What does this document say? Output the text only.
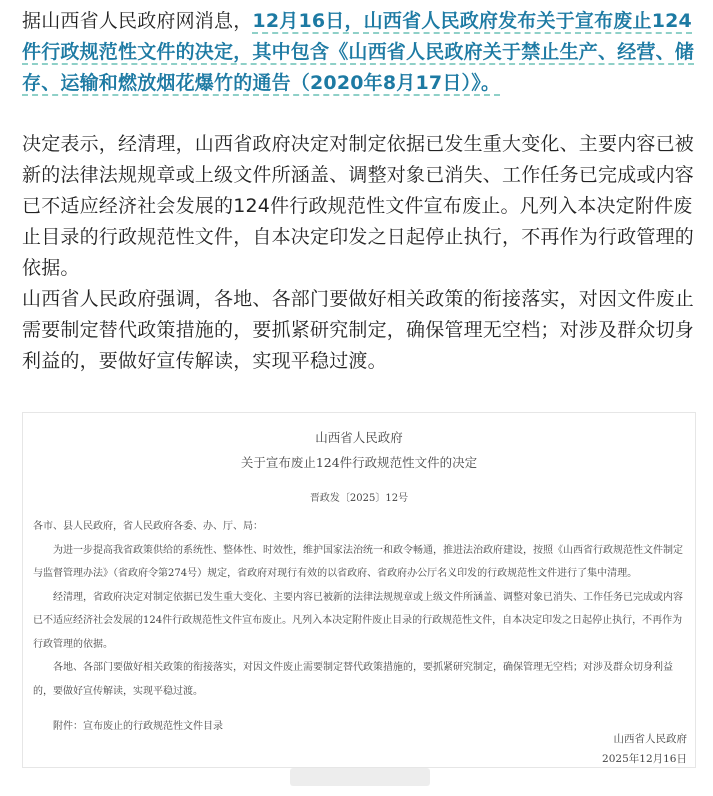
据山西省人民政府网消息，12月16日，山西省人民政府发布关于宣布废止124件行政规范性文件的决定，其中包含《山西省人民政府关于禁止生产、经营、储存、运输和燃放烟花爆竹的通告（2020年8月17日）》。
决定表示，经清理，山西省政府决定对制定依据已发生重大变化、主要内容已被新的法律法规规章或上级文件所涵盖、调整对象已消失、工作任务已完成或内容已不适应经济社会发展的124件行政规范性文件宣布废止。凡列入本决定附件废止目录的行政规范性文件，自本决定印发之日起停止执行，不再作为行政管理的依据。
山西省人民政府强调，各地、各部门要做好相关政策的衔接落实，对因文件废止需要制定替代政策措施的，要抓紧研究制定，确保管理无空档；对涉及群众切身利益的，要做好宣传解读，实现平稳过渡。
山西省人民政府
关于宣布废止124件行政规范性文件的决定
晋政发〔2025〕12号
各市、县人民政府，省人民政府各委、办、厅、局：
为进一步提高我省政策供给的系统性、整体性、时效性，维护国家法治统一和政令畅通，推进法治政府建设，按照《山西省行政规范性文件制定与监督管理办法》（省政府令第274号）规定，省政府对现行有效的以省政府、省政府办公厅名义印发的行政规范性文件进行了集中清理。
经清理，省政府决定对制定依据已发生重大变化、主要内容已被新的法律法规规章或上级文件所涵盖、调整对象已消失、工作任务已完成或内容已不适应经济社会发展的124件行政规范性文件宣布废止。凡列入本决定附件废止目录的行政规范性文件，自本决定印发之日起停止执行，不再作为行政管理的依据。
各地、各部门要做好相关政策的衔接落实，对因文件废止需要制定替代政策措施的，要抓紧研究制定，确保管理无空档；对涉及群众切身利益的，要做好宣传解读，实现平稳过渡。
附件：宣布废止的行政规范性文件目录
山西省人民政府
2025年12月16日
